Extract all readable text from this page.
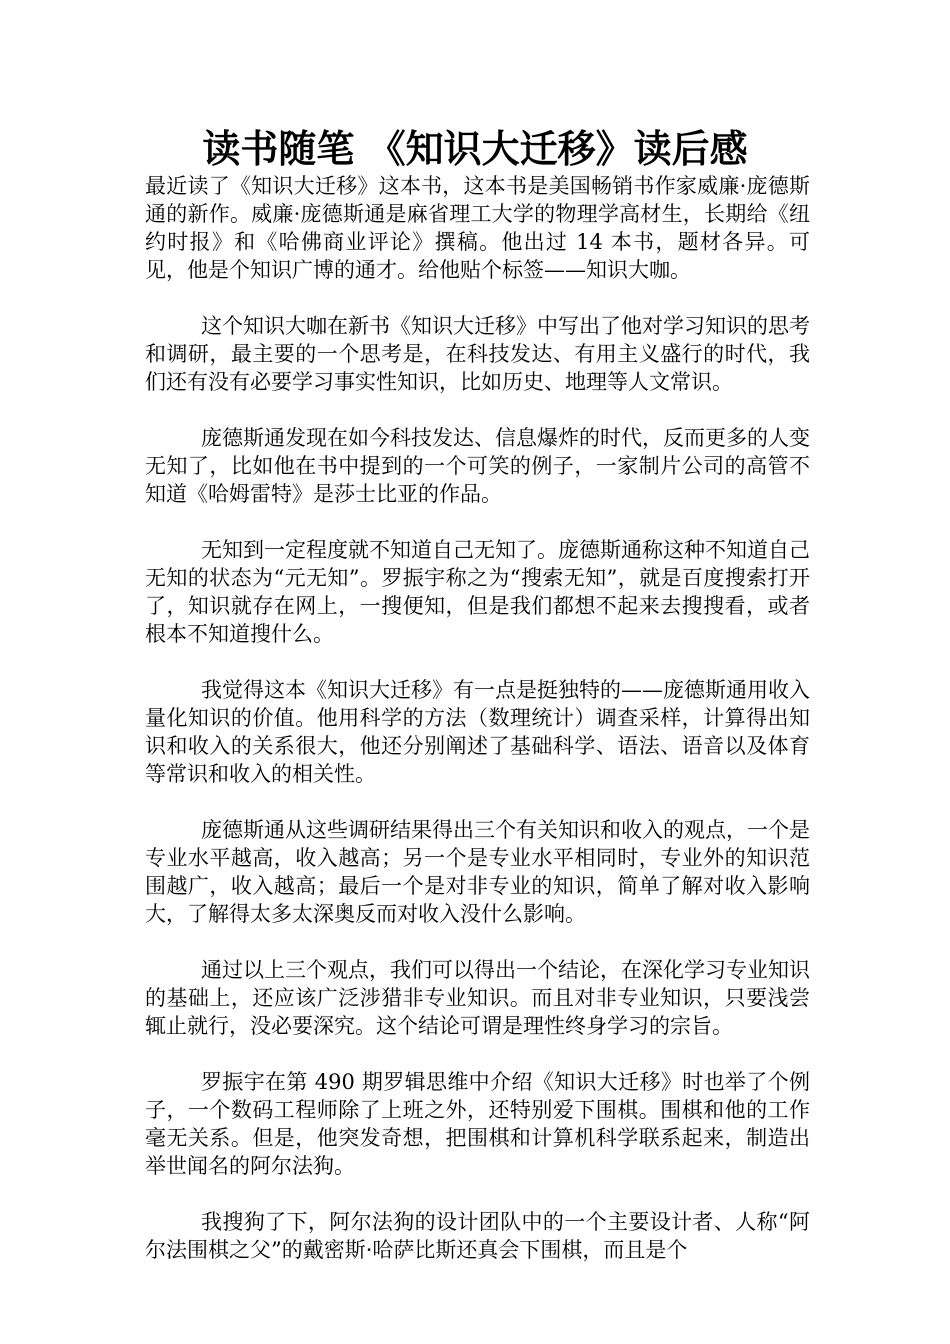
读书随笔 《知识大迁移》读后感

最近读了《知识大迁移》这本书，这本书是美国畅销书作家威廉·庞德斯通的新作。威廉·庞德斯通是麻省理工大学的物理学高材生，长期给《纽约时报》和《哈佛商业评论》撰稿。他出过 14 本书，题材各异。可见，他是个知识广博的通才。给他贴个标签——知识大咖。

这个知识大咖在新书《知识大迁移》中写出了他对学习知识的思考和调研，最主要的一个思考是，在科技发达、有用主义盛行的时代，我们还有没有必要学习事实性知识，比如历史、地理等人文常识。

庞德斯通发现在如今科技发达、信息爆炸的时代，反而更多的人变无知了，比如他在书中提到的一个可笑的例子，一家制片公司的高管不知道《哈姆雷特》是莎士比亚的作品。

无知到一定程度就不知道自己无知了。庞德斯通称这种不知道自己无知的状态为“元无知”。罗振宇称之为“搜索无知”，就是百度搜索打开了，知识就存在网上，一搜便知，但是我们都想不起来去搜搜看，或者根本不知道搜什么。

我觉得这本《知识大迁移》有一点是挺独特的——庞德斯通用收入量化知识的价值。他用科学的方法（数理统计）调查采样，计算得出知识和收入的关系很大，他还分别阐述了基础科学、语法、语音以及体育等常识和收入的相关性。

庞德斯通从这些调研结果得出三个有关知识和收入的观点，一个是专业水平越高，收入越高；另一个是专业水平相同时，专业外的知识范围越广，收入越高；最后一个是对非专业的知识，简单了解对收入影响大，了解得太多太深奥反而对收入没什么影响。

通过以上三个观点，我们可以得出一个结论，在深化学习专业知识的基础上，还应该广泛涉猎非专业知识。而且对非专业知识，只要浅尝辄止就行，没必要深究。这个结论可谓是理性终身学习的宗旨。

罗振宇在第 490 期罗辑思维中介绍《知识大迁移》时也举了个例子，一个数码工程师除了上班之外，还特别爱下围棋。围棋和他的工作毫无关系。但是，他突发奇想，把围棋和计算机科学联系起来，制造出举世闻名的阿尔法狗。

我搜狗了下，阿尔法狗的设计团队中的一个主要设计者、人称“阿尔法围棋之父”的戴密斯·哈萨比斯还真会下围棋，而且是个
